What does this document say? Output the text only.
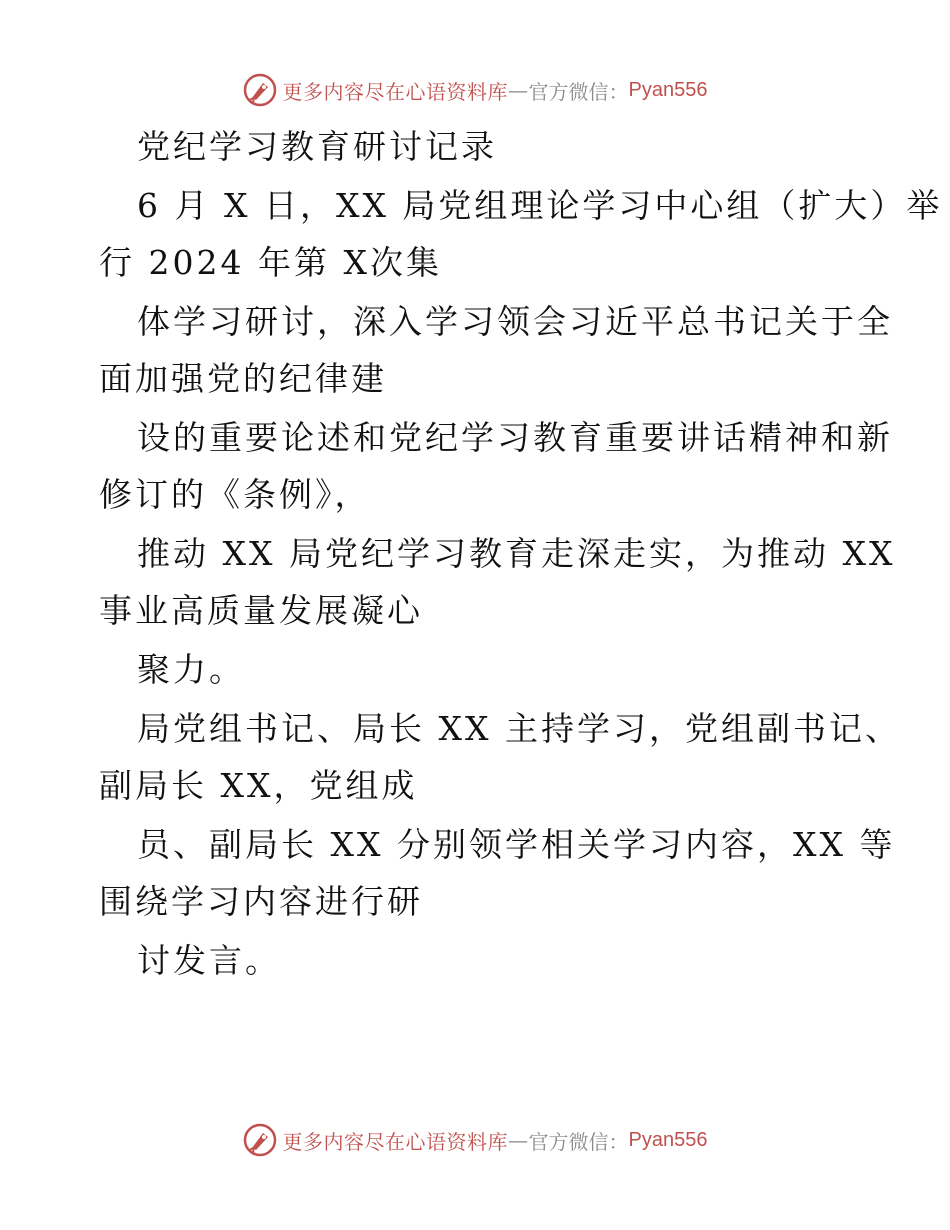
更多内容尽在心语资料库 — 官方微信： Pyan556
党纪学习教育研讨记录
6 月 X 日，XX 局党组理论学习中心组（扩大）举
行 2024 年第 X次集
体学习研讨，深入学习领会习近平总书记关于全
面加强党的纪律建
设的重要论述和党纪学习教育重要讲话精神和新
修订的《条例》，
推动 XX 局党纪学习教育走深走实，为推动 XX
事业高质量发展凝心
聚力。
局党组书记、局长 XX 主持学习，党组副书记、
副局长 XX，党组成
员、副局长 XX 分别领学相关学习内容，XX 等
围绕学习内容进行研
讨发言。
更多内容尽在心语资料库 — 官方微信： Pyan556
